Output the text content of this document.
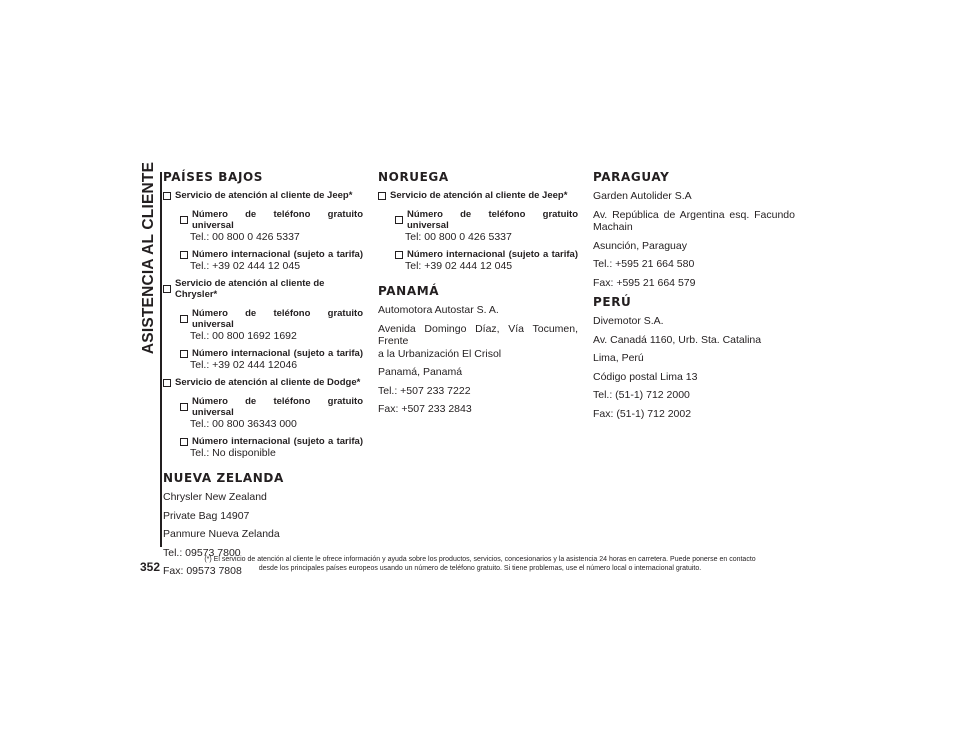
ASISTENCIA AL CLIENTE PAÍSES BAJOS
Servicio de atención al cliente de Jeep*
Número de teléfono gratuito universal
Tel.: 00 800 0 426 5337
Número internacional (sujeto a tarifa)
Tel.: +39 02 444 12 045
Servicio de atención al cliente de Chrysler*
Número de teléfono gratuito universal
Tel.: 00 800 1692 1692
Número internacional (sujeto a tarifa)
Tel.: +39 02 444 12046
Servicio de atención al cliente de Dodge*
Número de teléfono gratuito universal
Tel.: 00 800 36343 000
Número internacional (sujeto a tarifa)
Tel.: No disponible
NUEVA ZELANDA

Chrysler New Zealand

Private Bag 14907

Panmure Nueva Zelanda

Tel.: 09573 7800

Fax: 09573 7808

NORUEGA
Servicio de atención al cliente de Jeep*
Número de teléfono gratuito universal
Tel: 00 800 0 426 5337
Número internacional (sujeto a tarifa)
Tel: +39 02 444 12 045
PANAMÁ

Automotora Autostar S. A.

Avenida Domingo Díaz, Vía Tocumen, Frente

a la Urbanización El Crisol

Panamá, Panamá

Tel.: +507 233 7222

Fax: +507 233 2843

PARAGUAY

Garden Autolider S.A

Av. República de Argentina esq. Facundo

Machain

Asunción, Paraguay

Tel.: +595 21 664 580

Fax: +595 21 664 579

PERÚ

Divemotor S.A.

Av. Canadá 1160, Urb. Sta. Catalina

Lima, Perú

Código postal Lima 13

Tel.: (51-1) 712 2000

Fax: (51-1) 712 2002

352
(*) El servicio de atención al cliente le ofrece información y ayuda sobre los productos, servicios, concesionarios y la asistencia 24 horas en carretera. Puede ponerse en contacto
desde los principales países europeos usando un número de teléfono gratuito. Si tiene problemas, use el número local o internacional gratuito.
